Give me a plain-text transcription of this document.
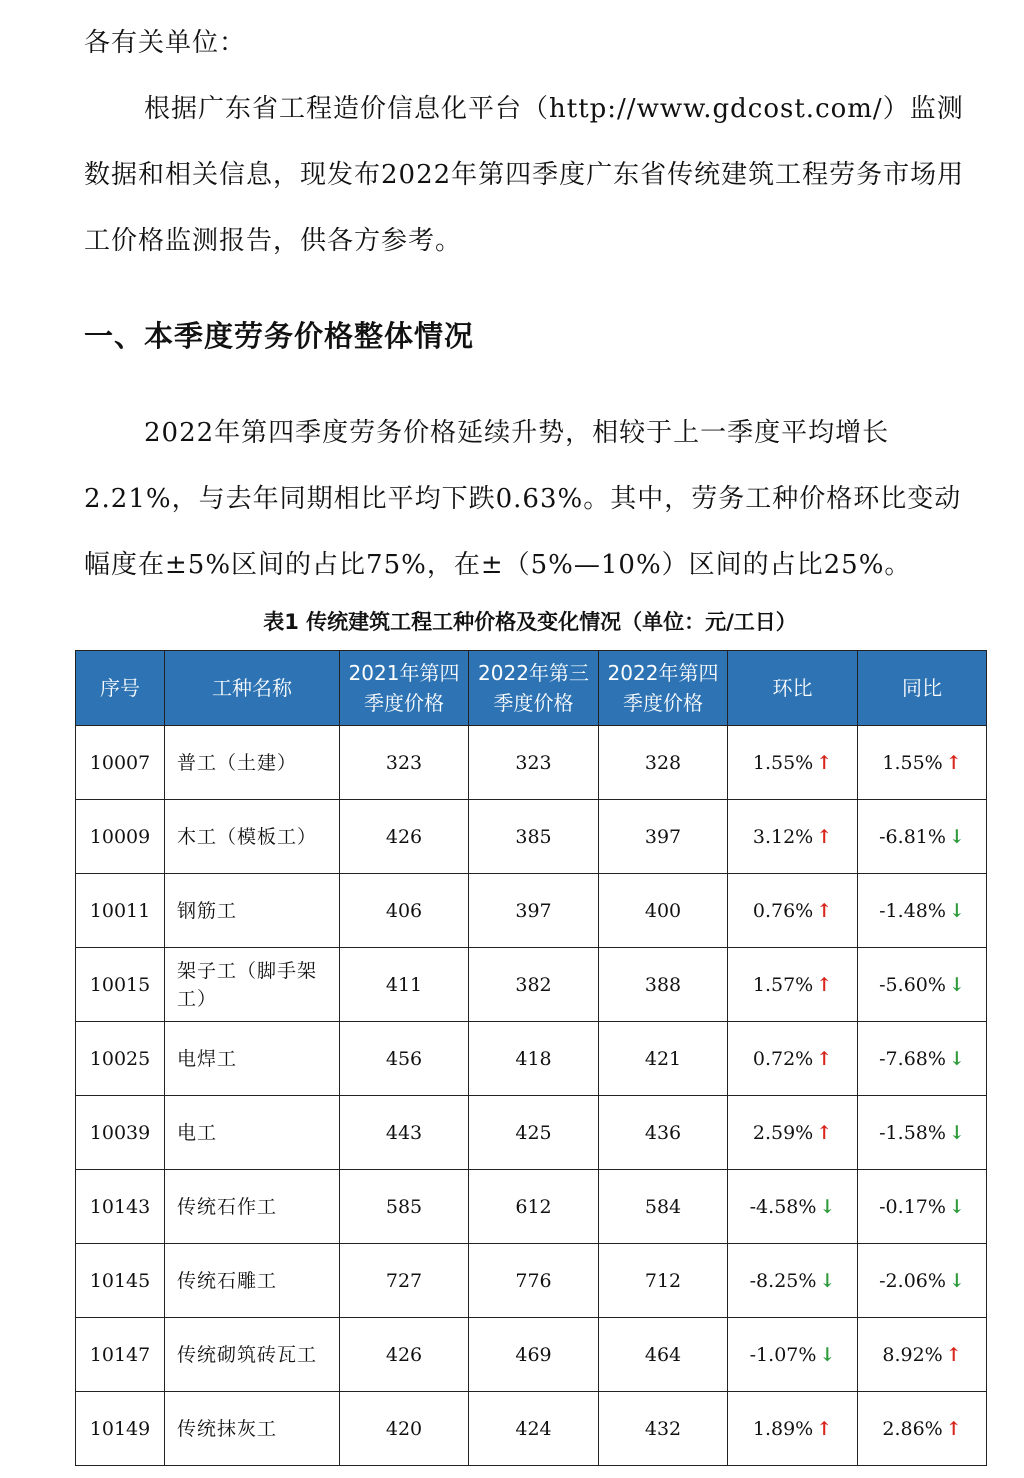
各有关单位：

根据广东省工程造价信息化平台（http://www.gdcost.com/）监测数据和相关信息，现发布2022年第四季度广东省传统建筑工程劳务市场用工价格监测报告，供各方参考。

一、本季度劳务价格整体情况

2022年第四季度劳务价格延续升势，相较于上一季度平均增长2.21%，与去年同期相比平均下跌0.63%。其中，劳务工种价格环比变动幅度在±5%区间的占比75%，在±（5%—10%）区间的占比25%。

表1 传统建筑工程工种价格及变化情况（单位：元/工日）

序号	工种名称	2021年第四季度价格	2022年第三季度价格	2022年第四季度价格	环比	同比
10007	普工（土建）	323	323	328	1.55% ↑	1.55% ↑
10009	木工（模板工）	426	385	397	3.12% ↑	-6.81% ↓
10011	钢筋工	406	397	400	0.76% ↑	-1.48% ↓
10015	架子工（脚手架工）	411	382	388	1.57% ↑	-5.60% ↓
10025	电焊工	456	418	421	0.72% ↑	-7.68% ↓
10039	电工	443	425	436	2.59% ↑	-1.58% ↓
10143	传统石作工	585	612	584	-4.58% ↓	-0.17% ↓
10145	传统石雕工	727	776	712	-8.25% ↓	-2.06% ↓
10147	传统砌筑砖瓦工	426	469	464	-1.07% ↓	8.92% ↑
10149	传统抹灰工	420	424	432	1.89% ↑	2.86% ↑
